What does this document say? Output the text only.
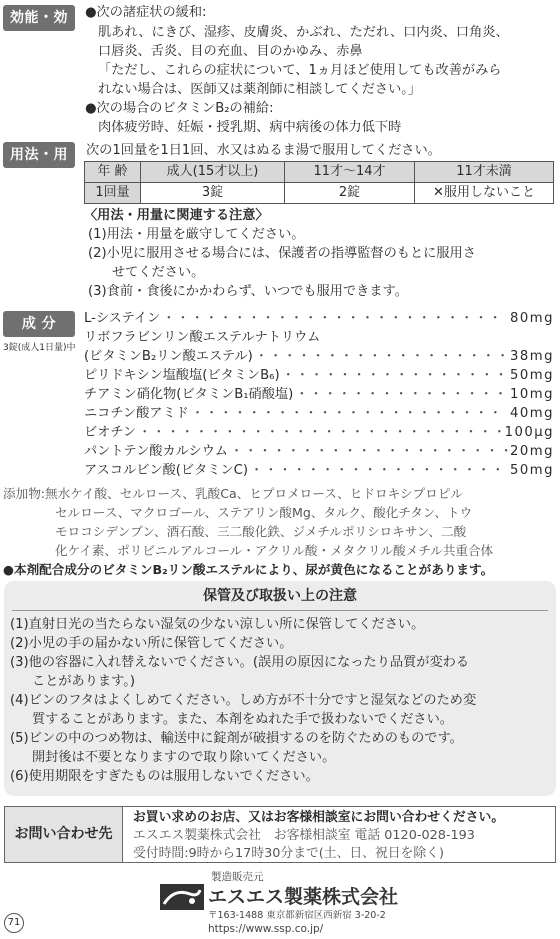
効能・効果
●次の諸症状の緩和:
肌あれ、にきび、湿疹、皮膚炎、かぶれ、ただれ、口内炎、口角炎、
口唇炎、舌炎、目の充血、目のかゆみ、赤鼻
「ただし、これらの症状について、1ヵ月ほど使用しても改善がみら
れない場合は、医師又は薬剤師に相談してください。」
●次の場合のビタミンB₂の補給:
肉体疲労時、妊娠・授乳期、病中病後の体力低下時
用法・用量
次の1回量を1日1回、水又はぬるま湯で服用してください。
年 齢	成人(15才以上)	11才～14才	11才未満
1回量	3錠	2錠	✕服用しないこと
〈用法・用量に関連する注意〉
(1)用法・用量を厳守してください。
(2)小児に服用させる場合には、保護者の指導監督のもとに服用さ
せてください。
(3)食前・食後にかかわらず、いつでも服用できます。
成 分
3錠(成人1日量)中
L-システイン ・・・・・・・・・・・・・・・・・・・・・・・・・・・・・・・・・・・・・・・・・・・・・・・・・・・・・・・・	80mg
リボフラビンリン酸エステルナトリウム
(ビタミンB₂リン酸エステル) ・・・・・・・・・・・・・・・・・・・・・・・・・・・・・・・・・・・・・・・・・・・・・・・・・・・・・・・・	38mg
ピリドキシン塩酸塩(ビタミンB₆) ・・・・・・・・・・・・・・・・・・・・・・・・・・・・・・・・・・・・・・・・・・・・・・・・・・・・・・・・	50mg
チアミン硝化物(ビタミンB₁硝酸塩) ・・・・・・・・・・・・・・・・・・・・・・・・・・・・・・・・・・・・・・・・・・・・・・・・・・・・・・・・	10mg
ニコチン酸アミド ・・・・・・・・・・・・・・・・・・・・・・・・・・・・・・・・・・・・・・・・・・・・・・・・・・・・・・・・	40mg
ビオチン ・・・・・・・・・・・・・・・・・・・・・・・・・・・・・・・・・・・・・・・・・・・・・・・・・・・・・・・・	100μg
パントテン酸カルシウム ・・・・・・・・・・・・・・・・・・・・・・・・・・・・・・・・・・・・・・・・・・・・・・・・・・・・・・・・	20mg
アスコルビン酸(ビタミンC) ・・・・・・・・・・・・・・・・・・・・・・・・・・・・・・・・・・・・・・・・・・・・・・・・・・・・・・・・	50mg
添加物:無水ケイ酸、セルロース、乳酸Ca、ヒプロメロース、ヒドロキシプロピル
セルロース、マクロゴール、ステアリン酸Mg、タルク、酸化チタン、トウ
モロコシデンプン、酒石酸、三二酸化鉄、ジメチルポリシロキサン、二酸
化ケイ素、ポリビニルアルコール・アクリル酸・メタクリル酸メチル共重合体
●本剤配合成分のビタミンB₂リン酸エステルにより、尿が黄色になることがあります。
保管及び取扱い上の注意
(1)直射日光の当たらない湿気の少ない涼しい所に保管してください。
(2)小児の手の届かない所に保管してください。
(3)他の容器に入れ替えないでください。(誤用の原因になったり品質が変わる
ことがあります。)
(4)ビンのフタはよくしめてください。しめ方が不十分ですと湿気などのため変
質することがあります。また、本剤をぬれた手で扱わないでください。
(5)ビンの中のつめ物は、輸送中に錠剤が破損するのを防ぐためのものです。
開封後は不要となりますので取り除いてください。
(6)使用期限をすぎたものは服用しないでください。
お問い合わせ先
お買い求めのお店、又はお客様相談室にお問い合わせください。
エスエス製薬株式会社　お客様相談室 電話 0120-028-193
受付時間:9時から17時30分まで(土、日、祝日を除く)
製造販売元
エスエス製薬株式会社
〒163-1488 東京都新宿区西新宿 3-20-2
https://www.ssp.co.jp/
71
